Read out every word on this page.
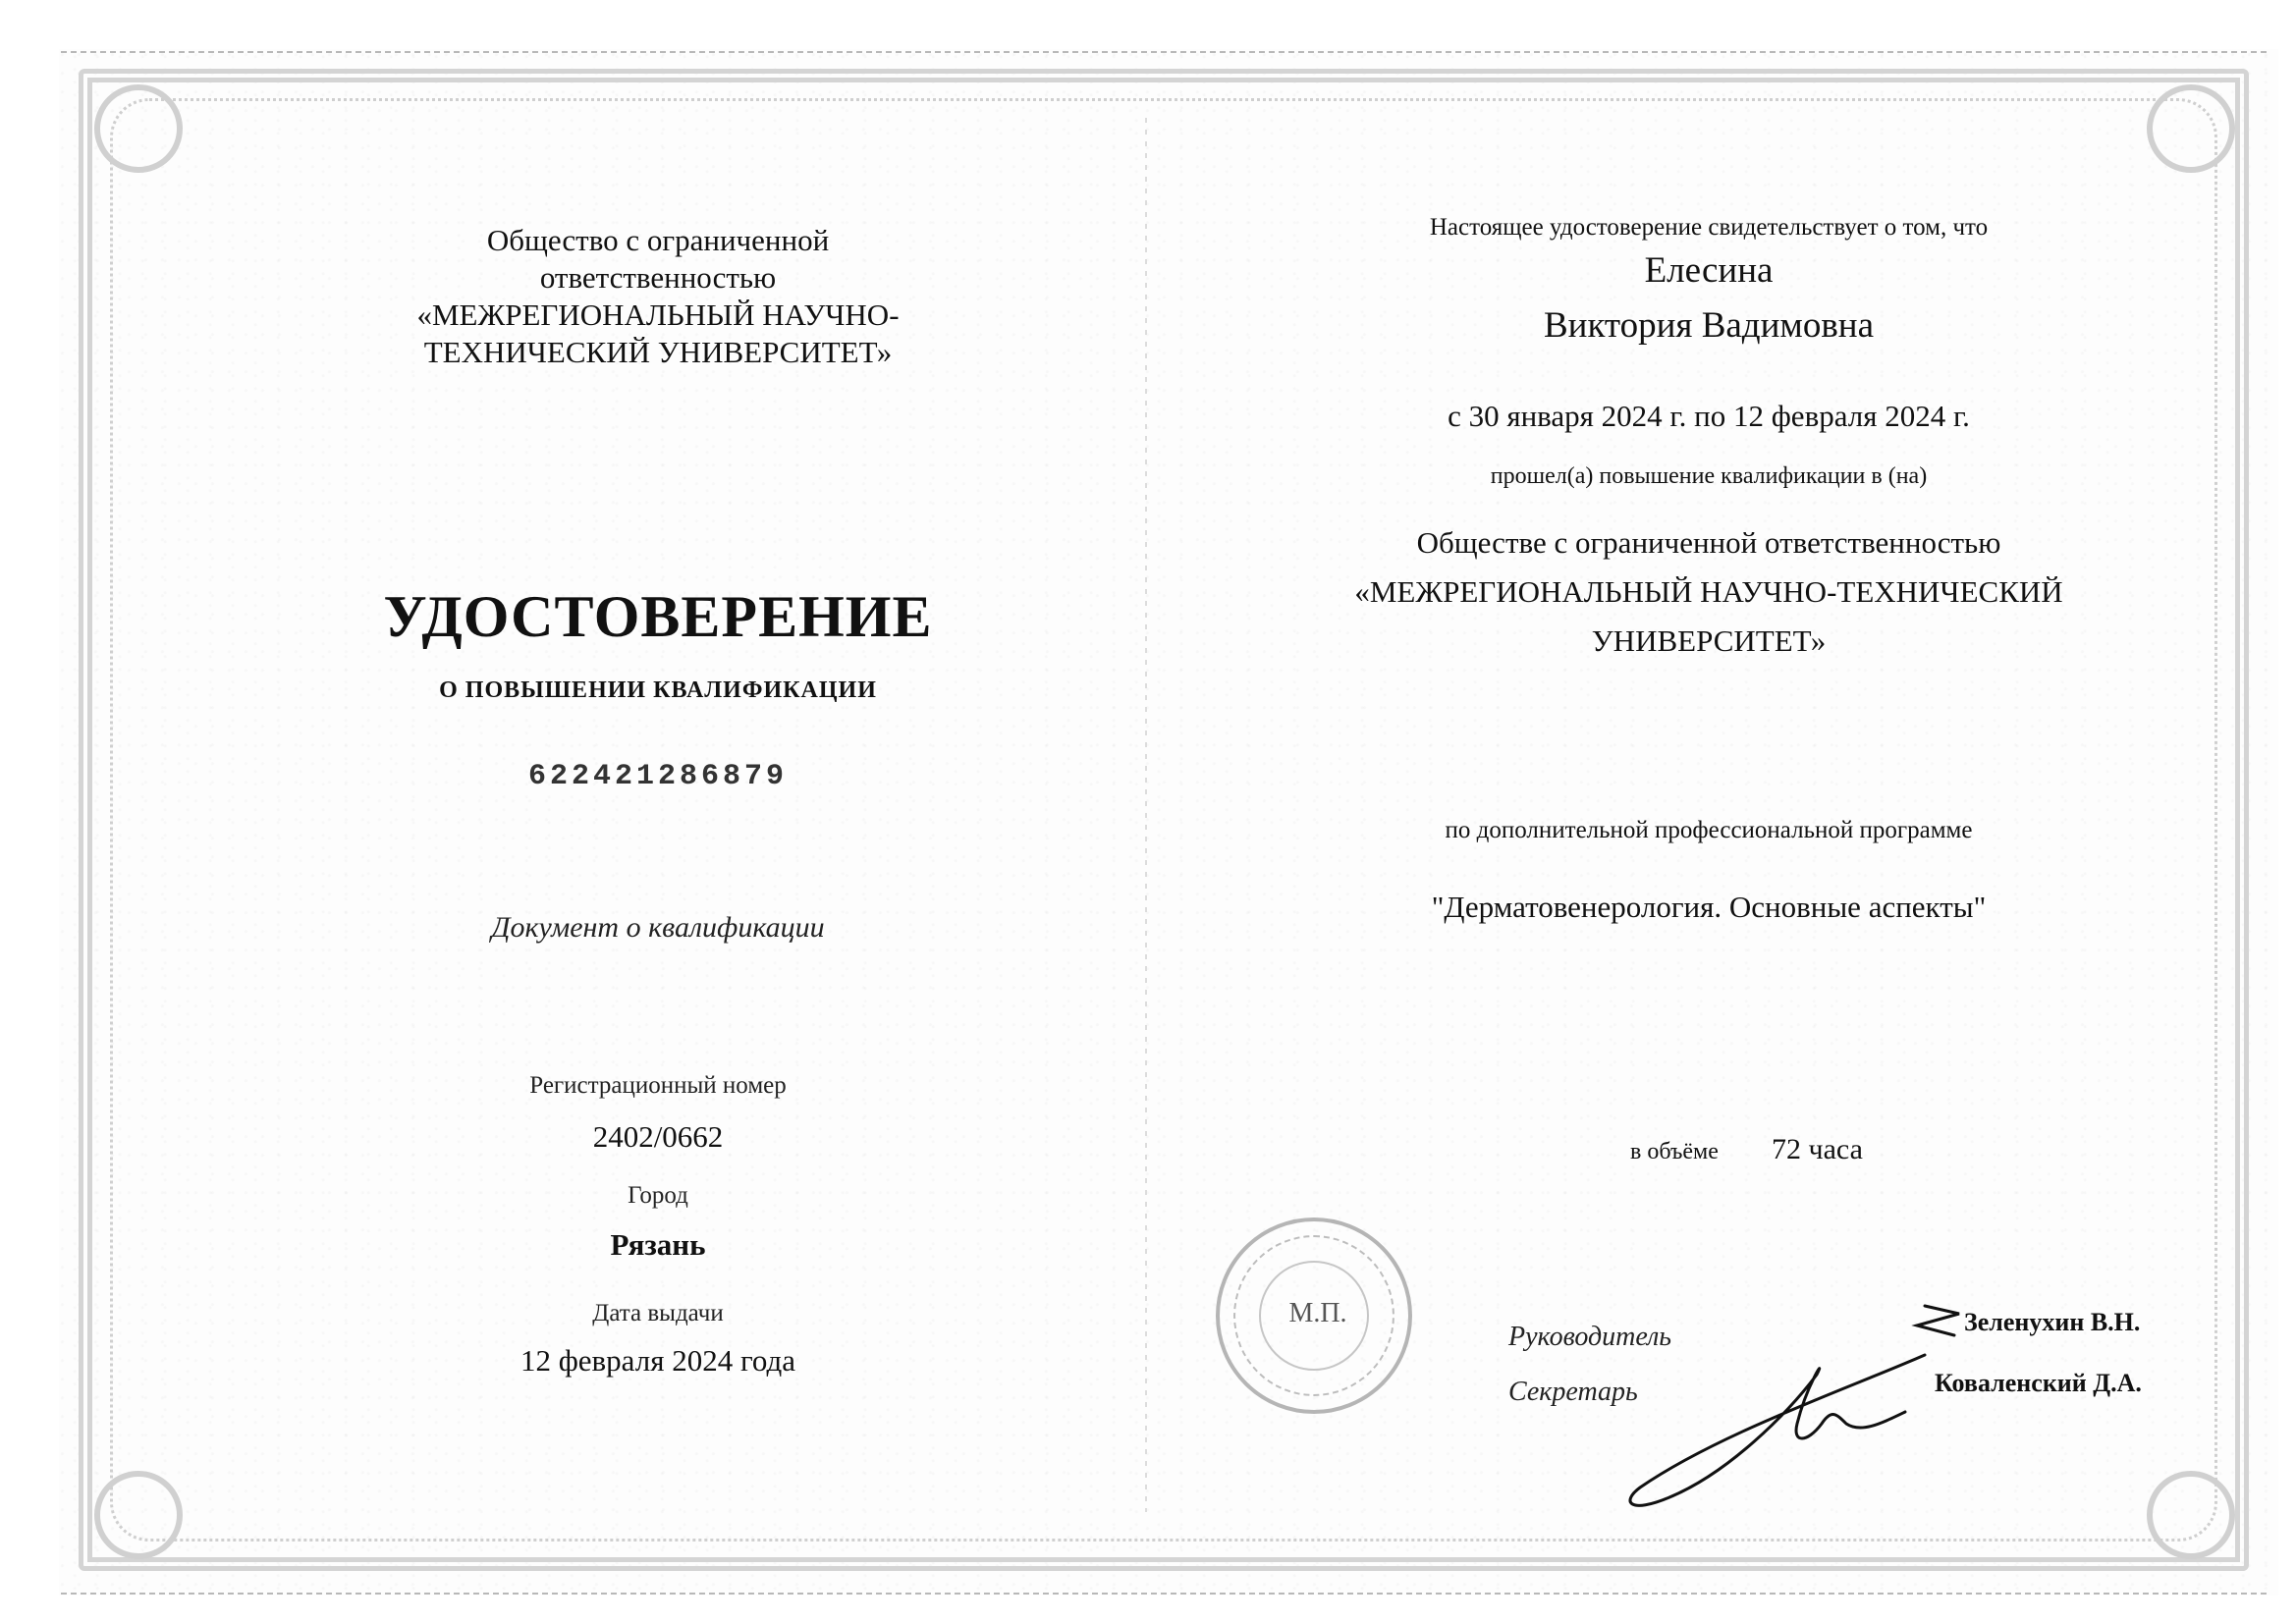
Общество с ограниченной
ответственностью
«МЕЖРЕГИОНАЛЬНЫЙ НАУЧНО-
ТЕХНИЧЕСКИЙ УНИВЕРСИТЕТ»
УДОСТОВЕРЕНИЕ
О ПОВЫШЕНИИ КВАЛИФИКАЦИИ
622421286879
Документ о квалификации
Регистрационный номер
2402/0662
Город
Рязань
Дата выдачи
12 февраля 2024 года
Настоящее удостоверение свидетельствует о том, что
Елесина
Виктория Вадимовна
с 30 января 2024 г. по 12 февраля 2024 г.
прошел(а) повышение квалификации в (на)
Обществе с ограниченной ответственностью
«МЕЖРЕГИОНАЛЬНЫЙ НАУЧНО-ТЕХНИЧЕСКИЙ
УНИВЕРСИТЕТ»
по дополнительной профессиональной программе
"Дерматовенерология. Основные аспекты"
в объёме 72 часа
М.П.
Руководитель
Секретарь
Зеленухин В.Н.
Коваленский Д.А.
